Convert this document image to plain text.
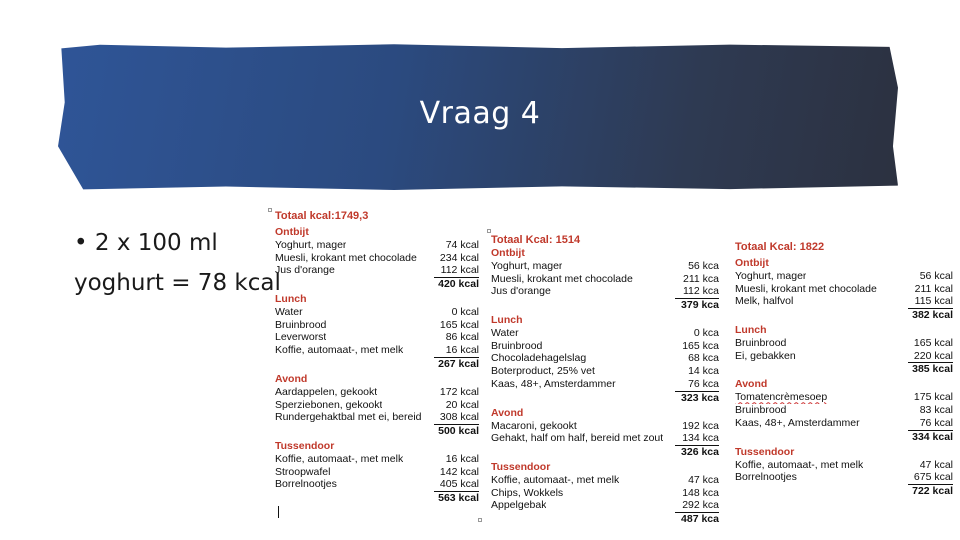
Vraag 4
• 2 x 100 ml
yoghurt = 78 kcal
Totaal kcal:1749,3
Ontbijt
Yoghurt, mager	74 kcal
Muesli, krokant met chocolade 234 kcal
Jus d'orange	112 kcal
420 kcal
Lunch
Water	0 kcal
Bruinbrood	165 kcal
Leverworst	86 kcal
Koffie, automaat-, met melk	16 kcal
267 kcal
Avond
Aardappelen, gekookt	172 kcal
Sperziebonen, gekookt	20 kcal
Rundergehaktbal met ei, bereid 308 kcal
500 kcal
Tussendoor
Koffie, automaat-, met melk	16 kcal
Stroopwafel	142 kcal
Borrelnootjes	405 kcal
563 kcal
Totaal Kcal: 1514
Ontbijt
Yoghurt, mager	56 kca
Muesli, krokant met chocolade	211 kca
Jus d'orange	112 kca
379 kca
Lunch
Water	0 kca
Bruinbrood	165 kca
Chocoladehagelslag	68 kca
Boterproduct, 25% vet	14 kca
Kaas, 48+, Amsterdammer	76 kca
323 kca
Avond
Macaroni, gekookt	192 kca
Gehakt, half om half, bereid met zout 134 kca
326 kca
Tussendoor
Koffie, automaat-, met melk	47 kca
Chips, Wokkels	148 kca
Appelgebak	292 kca
487 kca
Totaal Kcal: 1822
Ontbijt
Yoghurt, mager	56 kcal
Muesli, krokant met chocolade	211 kcal
Melk, halfvol	115 kcal
382 kcal
Lunch
Bruinbrood	165 kcal
Ei, gebakken	220 kcal
385 kcal
Avond
Tomatencrèmesoep	175 kcal
Bruinbrood	83 kcal
Kaas, 48+, Amsterdammer	76 kcal
334 kcal
Tussendoor
Koffie, automaat-, met melk	47 kcal
Borrelnootjes	675 kcal
722 kcal
